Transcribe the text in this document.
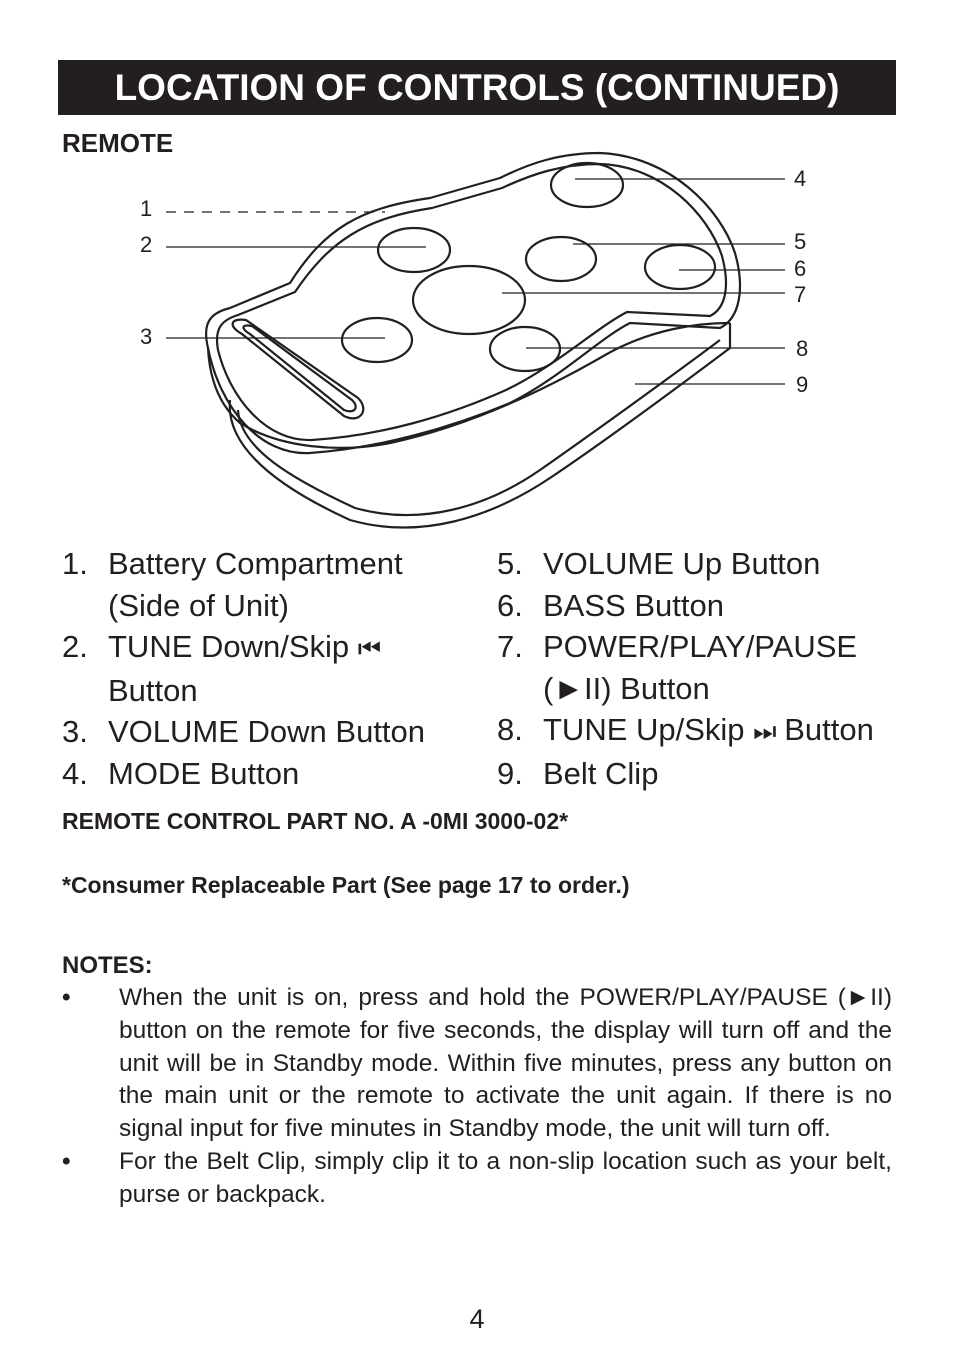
LOCATION OF CONTROLS (CONTINUED)
REMOTE
1
2
3
4
5
6
7
8
9
1. Battery Compartment
(Side of Unit)
2. TUNE Down/Skip ⏮
Button
3. VOLUME Down Button
4. MODE Button
5. VOLUME Up Button
6. BASS Button
7. POWER/PLAY/PAUSE
(►II) Button
8. TUNE Up/Skip ⏭ Button
9. Belt Clip
REMOTE CONTROL PART NO. A -0MI 3000-02*
*Consumer Replaceable Part (See page 17 to order.)
NOTES:
•	When the unit is on, press and hold the POWER/PLAY/PAUSE (►II) button on the remote for five seconds, the display will turn off and the unit will be in Standby mode. Within five minutes, press any button on the main unit or the remote to activate the unit again. If there is no signal input for five minutes in Standby mode, the unit will turn off.
•	For the Belt Clip, simply clip it to a non-slip location such as your belt, purse or backpack.
4
